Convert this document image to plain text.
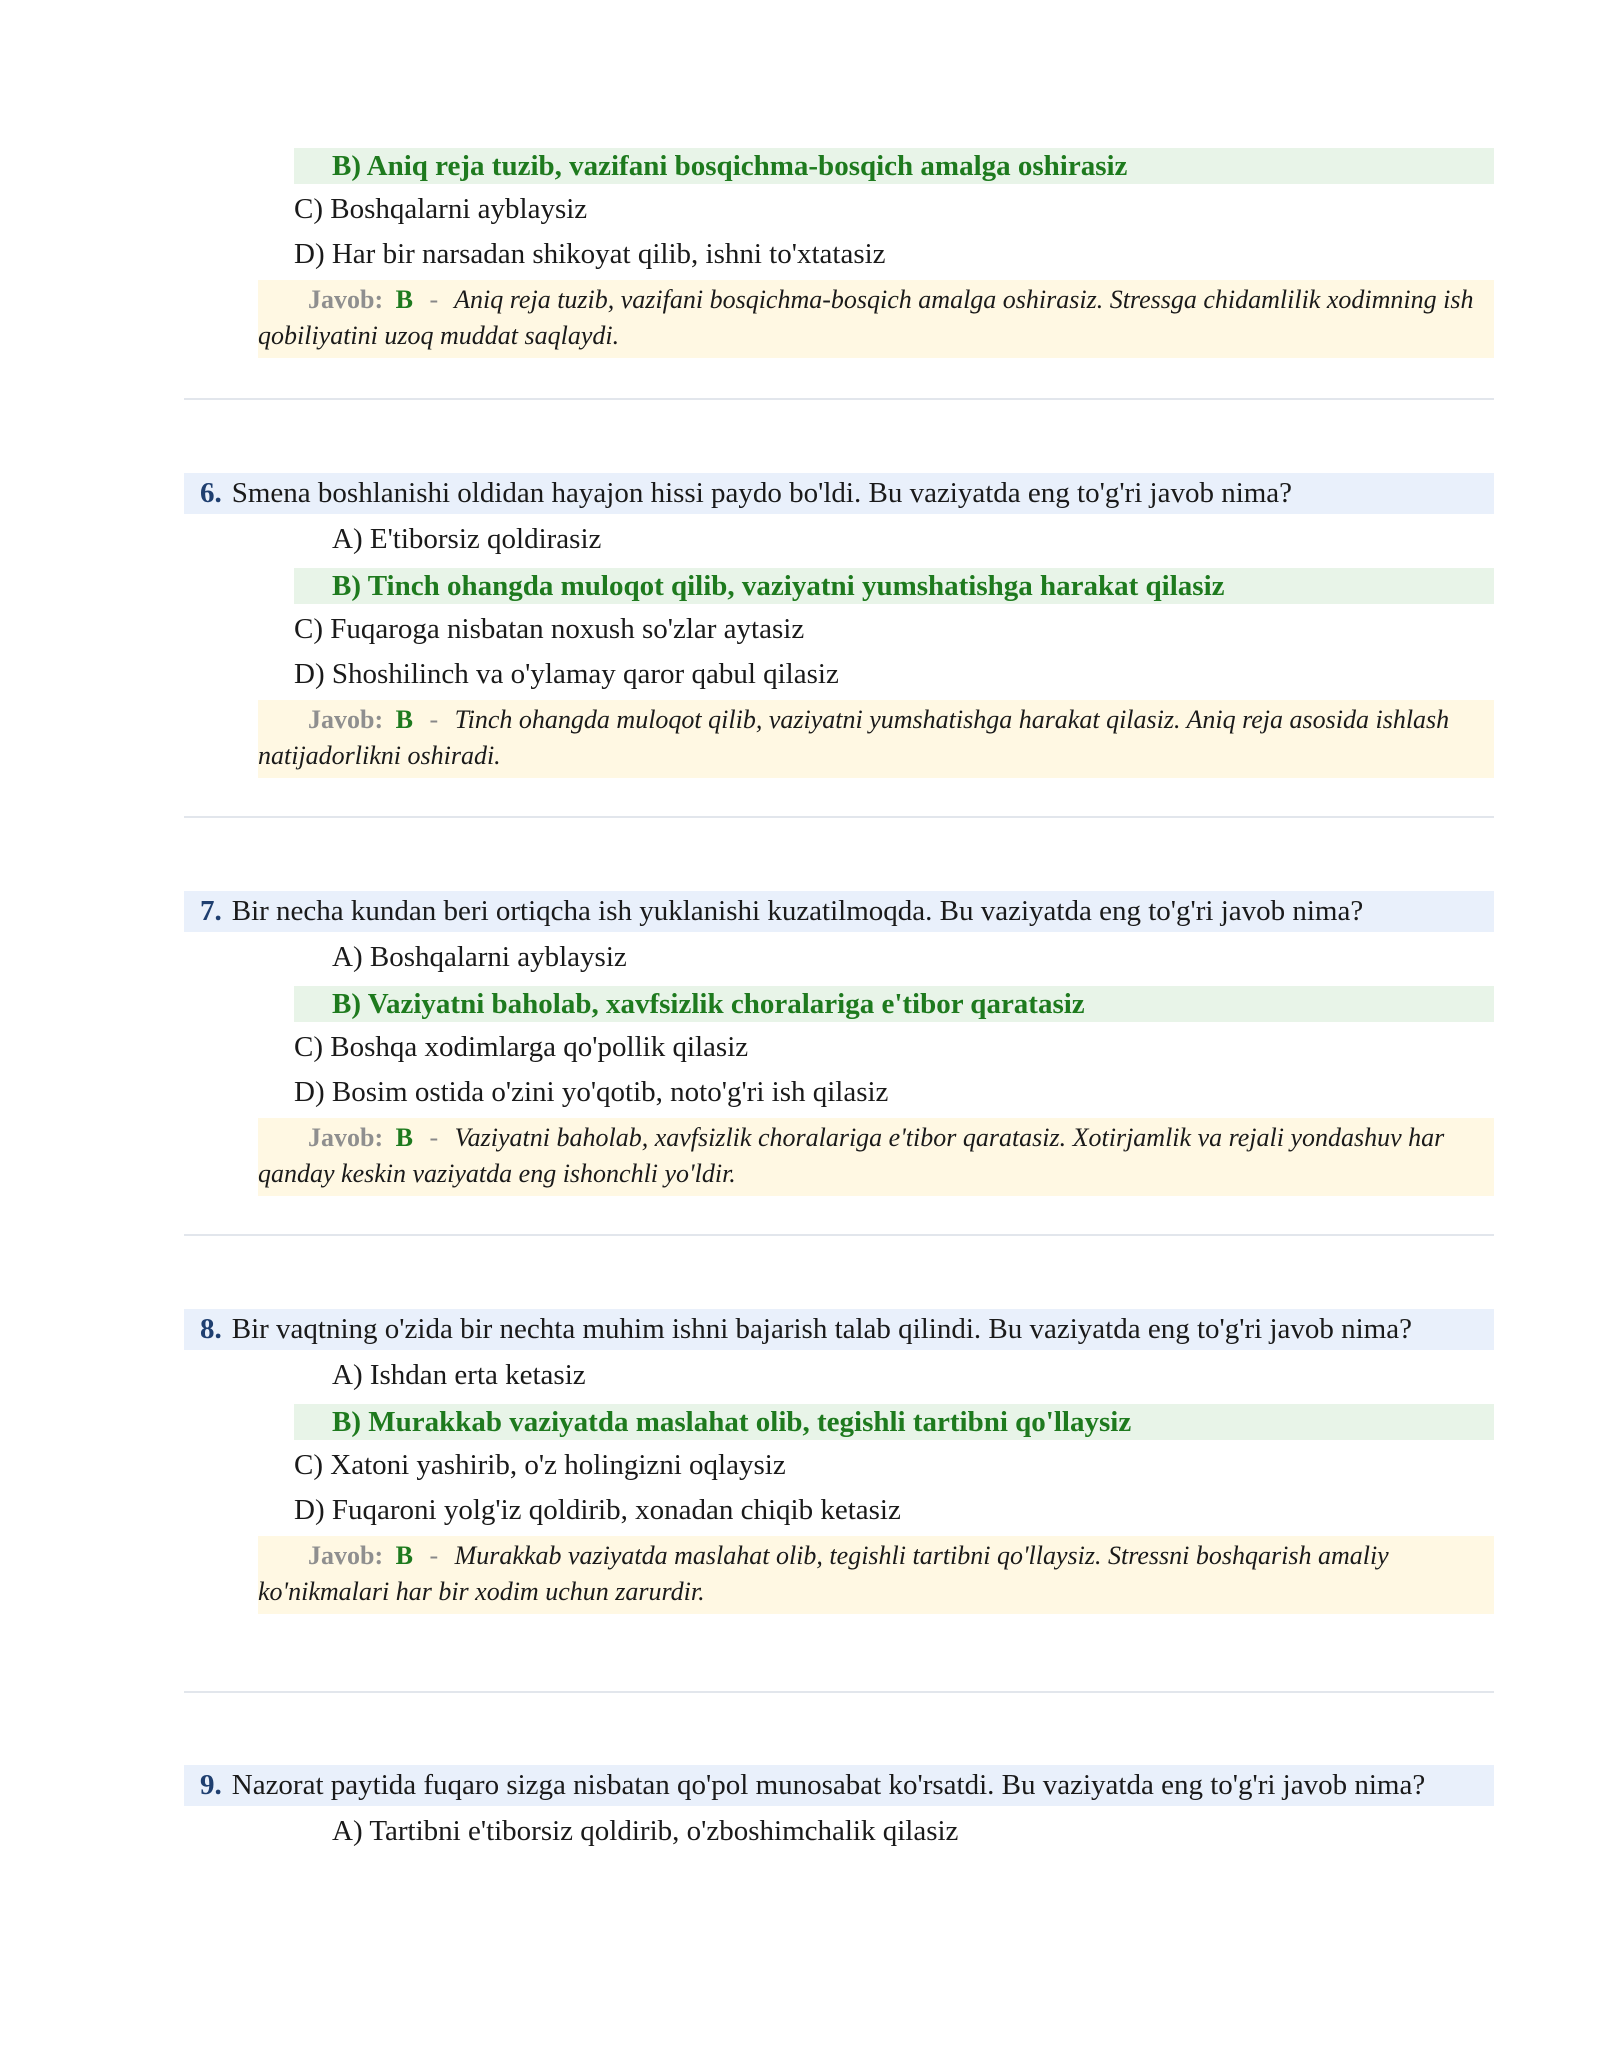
B) Aniq reja tuzib, vazifani bosqichma-bosqich amalga oshirasiz
C) Boshqalarni ayblaysiz
D) Har bir narsadan shikoyat qilib, ishni to'xtatasiz
Javob: B - Aniq reja tuzib, vazifani bosqichma-bosqich amalga oshirasiz. Stressga chidamlilik xodimning ish qobiliyatini uzoq muddat saqlaydi.
6. Smena boshlanishi oldidan hayajon hissi paydo bo'ldi. Bu vaziyatda eng to'g'ri javob nima?
A) E'tiborsiz qoldirasiz
B) Tinch ohangda muloqot qilib, vaziyatni yumshatishga harakat qilasiz
C) Fuqaroga nisbatan noxush so'zlar aytasiz
D) Shoshilinch va o'ylamay qaror qabul qilasiz
Javob: B - Tinch ohangda muloqot qilib, vaziyatni yumshatishga harakat qilasiz. Aniq reja asosida ishlash natijadorlikni oshiradi.
7. Bir necha kundan beri ortiqcha ish yuklanishi kuzatilmoqda. Bu vaziyatda eng to'g'ri javob nima?
A) Boshqalarni ayblaysiz
B) Vaziyatni baholab, xavfsizlik choralariga e'tibor qaratasiz
C) Boshqa xodimlarga qo'pollik qilasiz
D) Bosim ostida o'zini yo'qotib, noto'g'ri ish qilasiz
Javob: B - Vaziyatni baholab, xavfsizlik choralariga e'tibor qaratasiz. Xotirjamlik va rejali yondashuv har qanday keskin vaziyatda eng ishonchli yo'ldir.
8. Bir vaqtning o'zida bir nechta muhim ishni bajarish talab qilindi. Bu vaziyatda eng to'g'ri javob nima?
A) Ishdan erta ketasiz
B) Murakkab vaziyatda maslahat olib, tegishli tartibni qo'llaysiz
C) Xatoni yashirib, o'z holingizni oqlaysiz
D) Fuqaroni yolg'iz qoldirib, xonadan chiqib ketasiz
Javob: B - Murakkab vaziyatda maslahat olib, tegishli tartibni qo'llaysiz. Stressni boshqarish amaliy ko'nikmalari har bir xodim uchun zarurdir.
9. Nazorat paytida fuqaro sizga nisbatan qo'pol munosabat ko'rsatdi. Bu vaziyatda eng to'g'ri javob nima?
A) Tartibni e'tiborsiz qoldirib, o'zboshimchalik qilasiz
